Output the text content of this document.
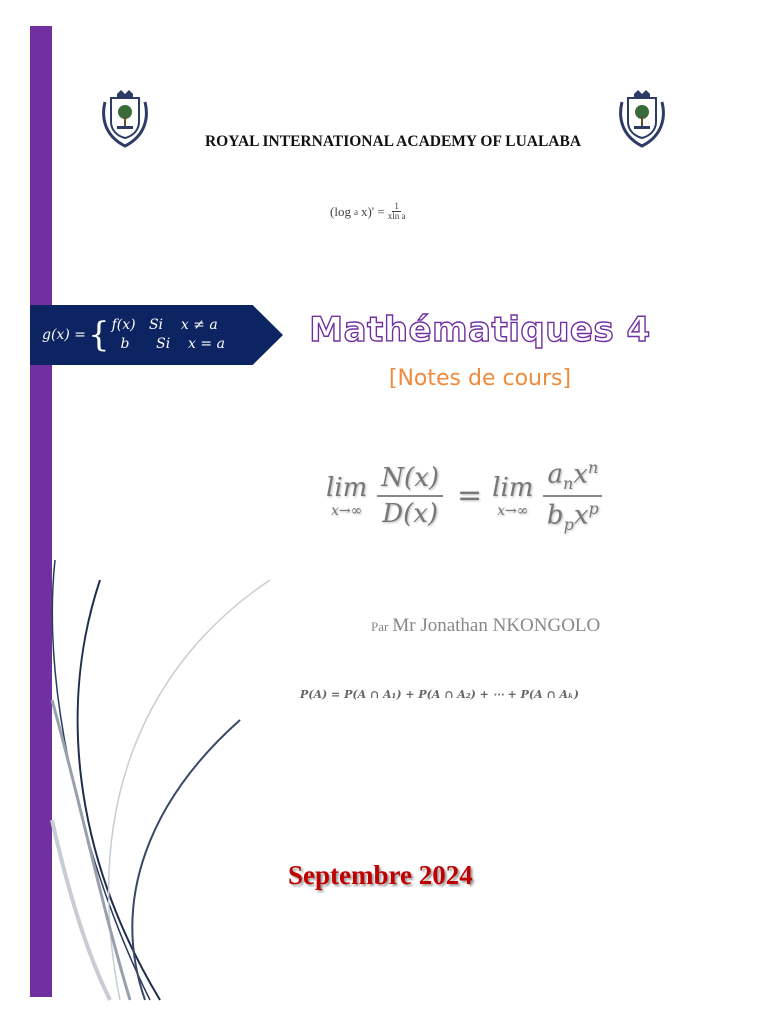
ROYAL INTERNATIONAL ACADEMY OF LUALABA
(log a $x)' = \frac{1}{\text{xln a}}$
g(x) = { f(x)   Si    x ≠ a
b      Si    x = a Mathématiques 4
[Notes de cours]
lim
$x\to\infty \frac{N(x)}{D(x)} = \lim$
$x\to\infty \frac{a_nx^n}{b_px^p}$
Par Mr Jonathan NKONGOLO
P(A) = P(A ∩ A₁) + P(A ∩ A₂) + ⋯ + P(A ∩ Aₖ)
Septembre 2024
